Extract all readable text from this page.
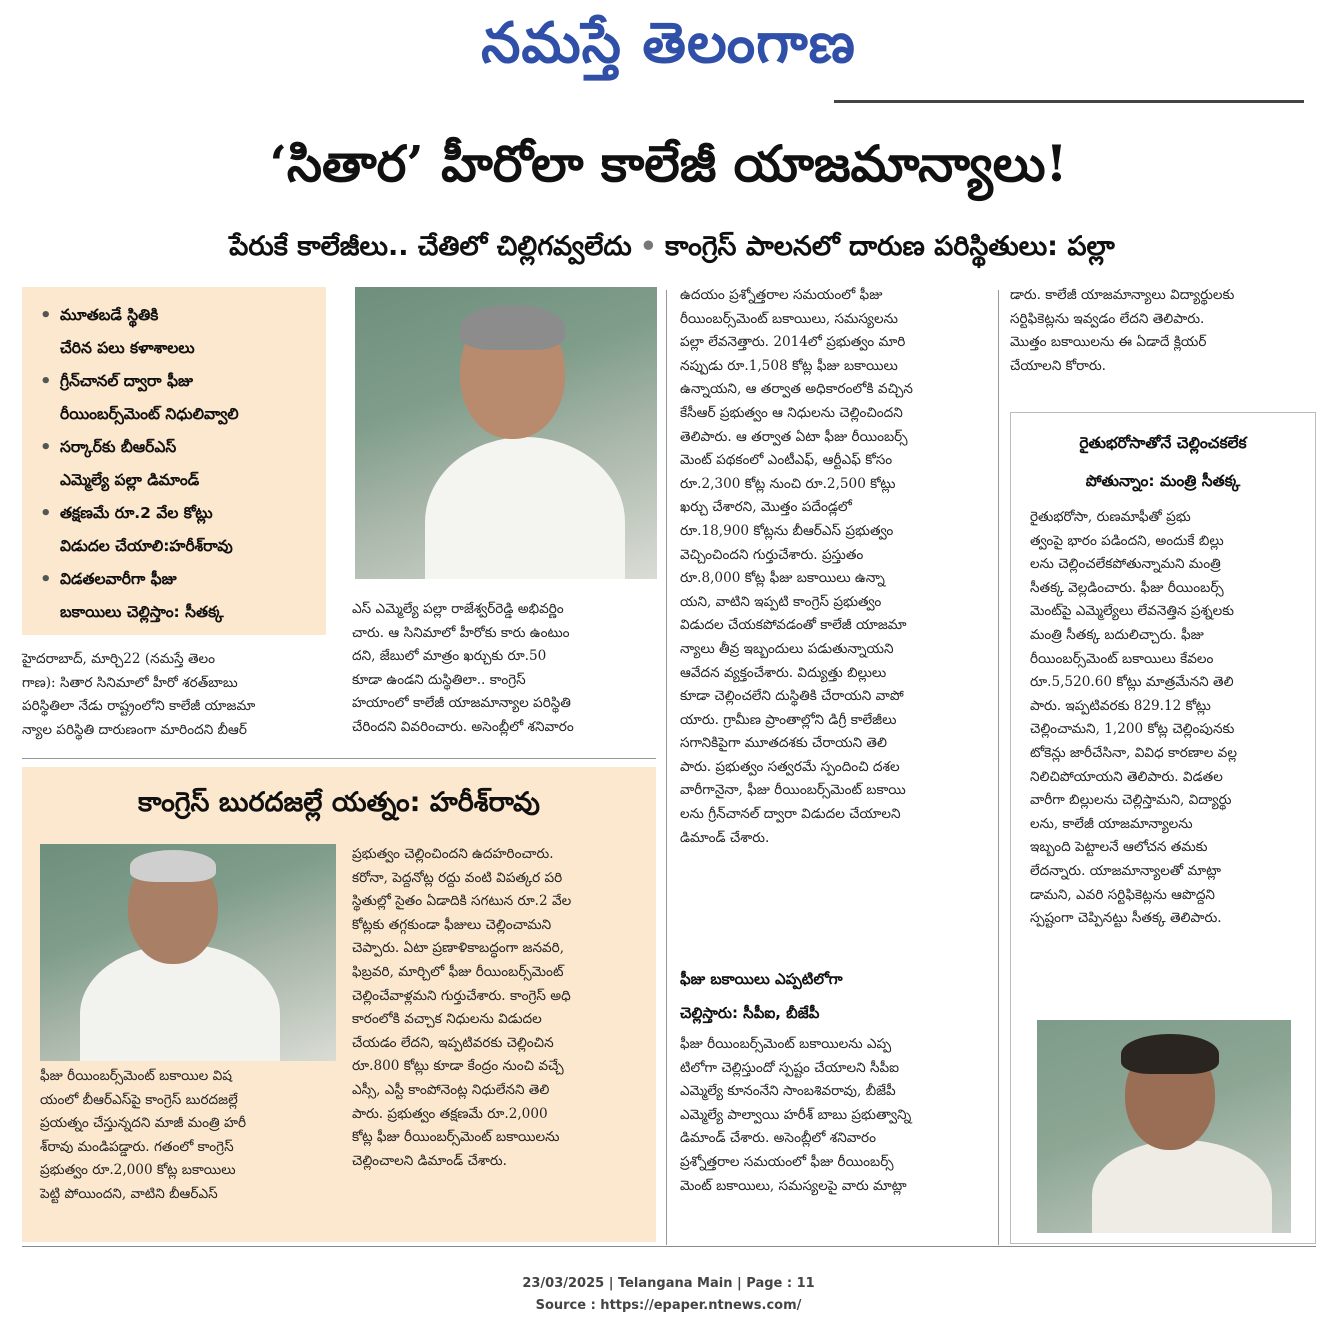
నమస్తే తెలంగాణ
‘సితార’ హీరోలా కాలేజీ యాజమాన్యాలు!
పేరుకే కాలేజీలు.. చేతిలో చిల్లిగవ్వలేదు • కాంగ్రెస్ పాలనలో దారుణ పరిస్థితులు: పల్లా
• మూతబడే స్థితికి
చేరిన పలు కళాశాలలు
• గ్రీన్‌చానల్ ద్వారా ఫీజు
రీయింబర్స్‌మెంట్ నిధులివ్వాలి
• సర్కార్‌కు బీఆర్‌ఎస్
ఎమ్మెల్యే పల్లా డిమాండ్
• తక్షణమే రూ.2 వేల కోట్లు
విడుదల చేయాలి:హరీశ్‌రావు
• విడతలవారీగా ఫీజు
బకాయిలు చెల్లిస్తాం: సీతక్క

హైదరాబాద్, మార్చి22 (నమస్తే తెలం

గాణ): సితార సినిమాలో హీరో శరత్‌బాబు

పరిస్థితిలా నేడు రాష్ట్రంలోని కాలేజీ యాజమా

న్యాల పరిస్థితి దారుణంగా మారిందని బీఆర్

ఎస్ ఎమ్మెల్యే పల్లా రాజేశ్వర్‌రెడ్డి అభివర్ణిం

చారు. ఆ సినిమాలో హీరోకు కారు ఉంటుం

దని, జేబులో మాత్రం ఖర్చుకు రూ.50

కూడా ఉండని దుస్థితిలా.. కాంగ్రెస్

హయాంలో కాలేజీ యాజమాన్యాల పరిస్థితి

చేరిందని వివరించారు. అసెంబ్లీలో శనివారం

ఉదయం ప్రశ్నోత్తరాల సమయంలో ఫీజు

రీయింబర్స్‌మెంట్ బకాయిలు, సమస్యలను

పల్లా లేవనెత్తారు. 2014లో ప్రభుత్వం మారి

నప్పుడు రూ.1,508 కోట్ల ఫీజు బకాయిలు

ఉన్నాయని, ఆ తర్వాత అధికారంలోకి వచ్చిన

కేసీఆర్ ప్రభుత్వం ఆ నిధులను చెల్లించిందని

తెలిపారు. ఆ తర్వాత ఏటా ఫీజు రీయింబర్స్

మెంట్ పథకంలో ఎంటీఎఫ్, ఆర్టీఎఫ్ కోసం

రూ.2,300 కోట్ల నుంచి రూ.2,500 కోట్లు

ఖర్చు చేశారని, మొత్తం పదేండ్లలో

రూ.18,900 కోట్లను బీఆర్‌ఎస్ ప్రభుత్వం

వెచ్చించిందని గుర్తుచేశారు. ప్రస్తుతం

రూ.8,000 కోట్ల ఫీజు బకాయిలు ఉన్నా

యని, వాటిని ఇప్పటి కాంగ్రెస్ ప్రభుత్వం

విడుదల చేయకపోవడంతో కాలేజీ యాజమా

న్యాలు తీవ్ర ఇబ్బందులు పడుతున్నాయని

ఆవేదన వ్యక్తంచేశారు. విద్యుత్తు బిల్లులు

కూడా చెల్లించలేని దుస్థితికి చేరాయని వాపో

యారు. గ్రామీణ ప్రాంతాల్లోని డిగ్రీ కాలేజీలు

సగానికిపైగా మూతదశకు చేరాయని తెలి

పారు. ప్రభుత్వం సత్వరమే స్పందించి దశల

వారీగానైనా, ఫీజు రీయింబర్స్‌మెంట్ బకాయి

లను గ్రీన్‌చానల్ ద్వారా విడుదల చేయాలని

డిమాండ్ చేశారు.

డారు. కాలేజీ యాజమాన్యాలు విద్యార్థులకు

సర్టిఫికెట్లను ఇవ్వడం లేదని తెలిపారు.

మొత్తం బకాయిలను ఈ ఏడాదే క్లియర్

చేయాలని కోరారు.

కాంగ్రెస్ బురదజల్లే యత్నం: హరీశ్‌రావు

ఫీజు రీయింబర్స్‌మెంట్ బకాయిల విష

యంలో బీఆర్‌ఎస్‌పై కాంగ్రెస్ బురదజల్లే

ప్రయత్నం చేస్తున్నదని మాజీ మంత్రి హరీ

శ్‌రావు మండిపడ్డారు. గతంలో కాంగ్రెస్

ప్రభుత్వం రూ.2,000 కోట్ల బకాయిలు

పెట్టి పోయిందని, వాటిని బీఆర్‌ఎస్

ప్రభుత్వం చెల్లించిందని ఉదహరించారు.

కరోనా, పెద్దనోట్ల రద్దు వంటి విపత్కర పరి

స్థితుల్లో సైతం ఏడాదికి సగటున రూ.2 వేల

కోట్లకు తగ్గకుండా ఫీజులు చెల్లించామని

చెప్పారు. ఏటా ప్రణాళికాబద్ధంగా జనవరి,

ఫిబ్రవరి, మార్చిలో ఫీజు రీయింబర్స్‌మెంట్

చెల్లించేవాళ్లమని గుర్తుచేశారు. కాంగ్రెస్ అధి

కారంలోకి వచ్చాక నిధులను విడుదల

చేయడం లేదని, ఇప్పటివరకు చెల్లించిన

రూ.800 కోట్లు కూడా కేంద్రం నుంచి వచ్చే

ఎస్సీ, ఎస్టీ కాంపోనెంట్ల నిధులేనని తెలి

పారు. ప్రభుత్వం తక్షణమే రూ.2,000

కోట్ల ఫీజు రీయింబర్స్‌మెంట్ బకాయిలను

చెల్లించాలని డిమాండ్ చేశారు.

ఫీజు బకాయిలు ఎప్పటిలోగా
చెల్లిస్తారు: సీపీఐ, బీజేపీ

ఫీజు రీయింబర్స్‌మెంట్ బకాయిలను ఎప్ప

టిలోగా చెల్లిస్తుందో స్పష్టం చేయాలని సీపీఐ

ఎమ్మెల్యే కూనంనేని సాంబశివరావు, బీజేపీ

ఎమ్మెల్యే పాల్వాయి హరీశ్ బాబు ప్రభుత్వాన్ని

డిమాండ్ చేశారు. అసెంబ్లీలో శనివారం

ప్రశ్నోత్తరాల సమయంలో ఫీజు రీయింబర్స్

మెంట్ బకాయిలు, సమస్యలపై వారు మాట్లా

రైతుభరోసాతోనే చెల్లించకలేక
పోతున్నాం: మంత్రి సీతక్క

రైతుభరోసా, రుణమాఫీతో ప్రభు

త్వంపై భారం పడిందని, అందుకే బిల్లు

లను చెల్లించలేకపోతున్నామని మంత్రి

సీతక్క వెల్లడించారు. ఫీజు రీయింబర్స్

మెంట్‌పై ఎమ్మెల్యేలు లేవనెత్తిన ప్రశ్నలకు

మంత్రి సీతక్క బదులిచ్చారు. ఫీజు

రీయింబర్స్‌మెంట్ బకాయిలు కేవలం

రూ.5,520.60 కోట్లు మాత్రమేనని తెలి

పారు. ఇప్పటివరకు 829.12 కోట్లు

చెల్లించామని, 1,200 కోట్ల చెల్లింపునకు

టోకెన్లు జారీచేసినా, వివిధ కారణాల వల్ల

నిలిచిపోయాయని తెలిపారు. విడతల

వారీగా బిల్లులను చెల్లిస్తామని, విద్యార్థు

లను, కాలేజీ యాజమాన్యాలను

ఇబ్బంది పెట్టాలనే ఆలోచన తమకు

లేదన్నారు. యాజమాన్యాలతో మాట్లా

డామని, ఎవరి సర్టిఫికెట్లను ఆపొద్దని

స్పష్టంగా చెప్పినట్టు సీతక్క తెలిపారు.

23/03/2025 | Telangana Main | Page : 11
Source : https://epaper.ntnews.com/
